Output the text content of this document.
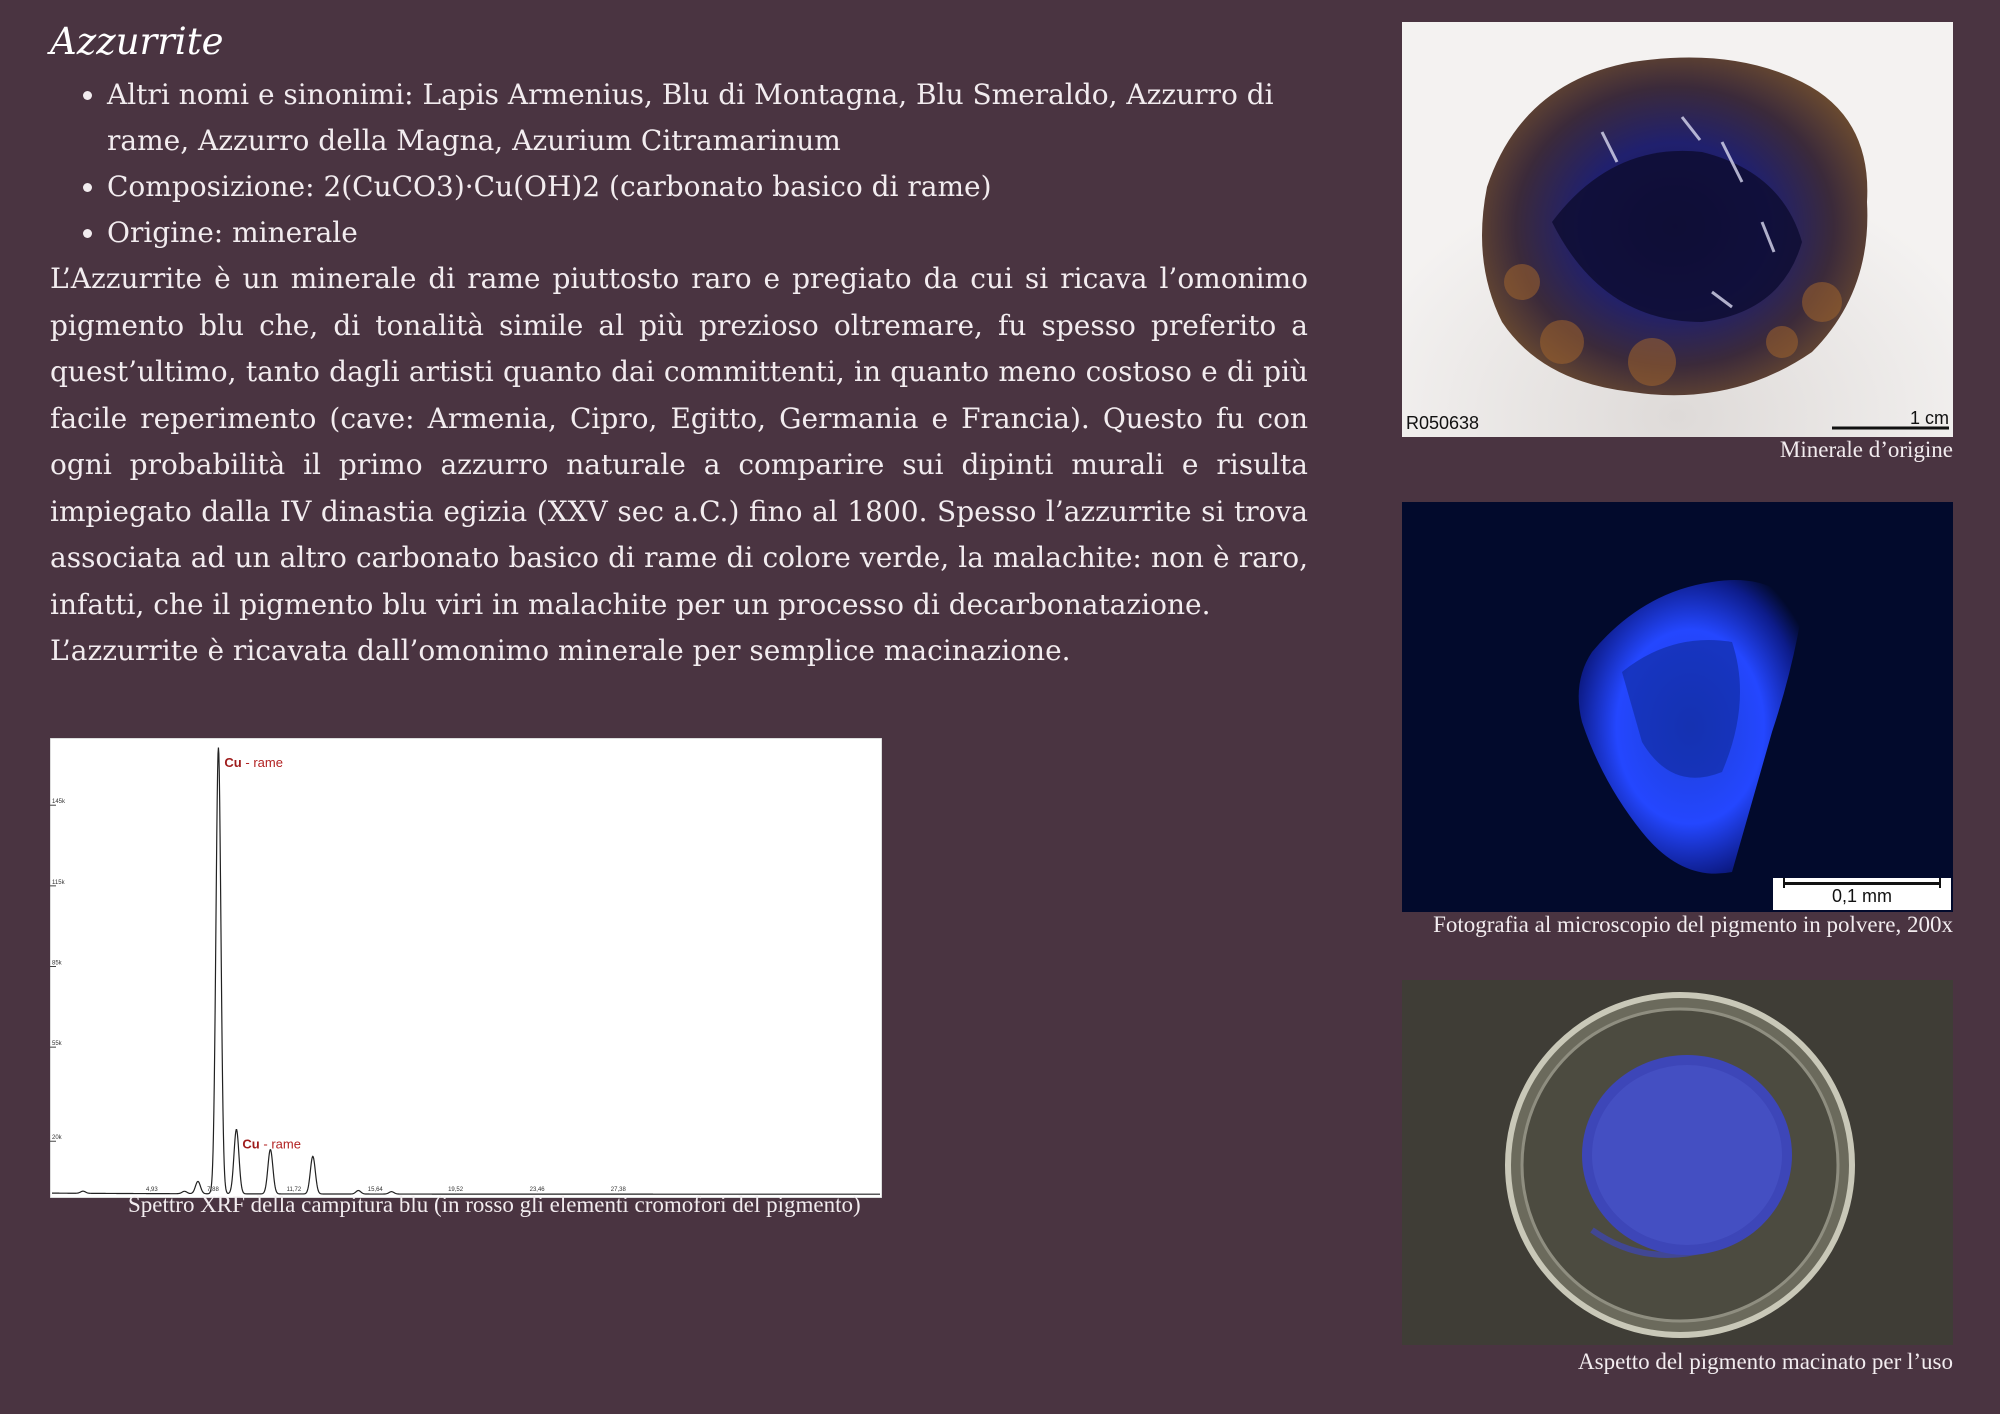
Azzurrite
• Altri nomi e sinonimi: Lapis Armenius, Blu di Montagna, Blu Smeraldo, Azzurro di rame, Azzurro della Magna, Azurium Citramarinum
• Composizione: 2(CuCO3)·Cu(OH)2 (carbonato basico di rame)
• Origine: minerale

L’Azzurrite è un minerale di rame piuttosto raro e pregiato da cui si ricava l’omonimo pigmento blu che, di tonalità simile al più prezioso oltremare, fu spesso preferito a quest’ultimo, tanto dagli artisti quanto dai committenti, in quanto meno costoso e di più facile reperimento (cave: Armenia, Cipro, Egitto, Germania e Francia). Questo fu con ogni probabilità il primo azzurro naturale a comparire sui dipinti murali e risulta impiegato dalla IV dinastia egizia (XXV sec a.C.) fino al 1800. Spesso l’azzurrite si trova associata ad un altro carbonato basico di rame di colore verde, la malachite: non è raro, infatti, che il pigmento blu viri in malachite per un processo di decarbonatazione.

L’azzurrite è ricavata dall’omonimo minerale per semplice macinazione.

R050638	1 cm
Minerale d’origine
0,1 mm
Fotografia al microscopio del pigmento in polvere, 200x
Aspetto del pigmento macinato per l’uso
20k
55k
85k
115k
145k
4,93	7,88	11,72	15,64	19,52	23,46	27,38
Cu - rame
Cu - rame
Spettro XRF della campitura blu (in rosso gli elementi cromofori del pigmento)
